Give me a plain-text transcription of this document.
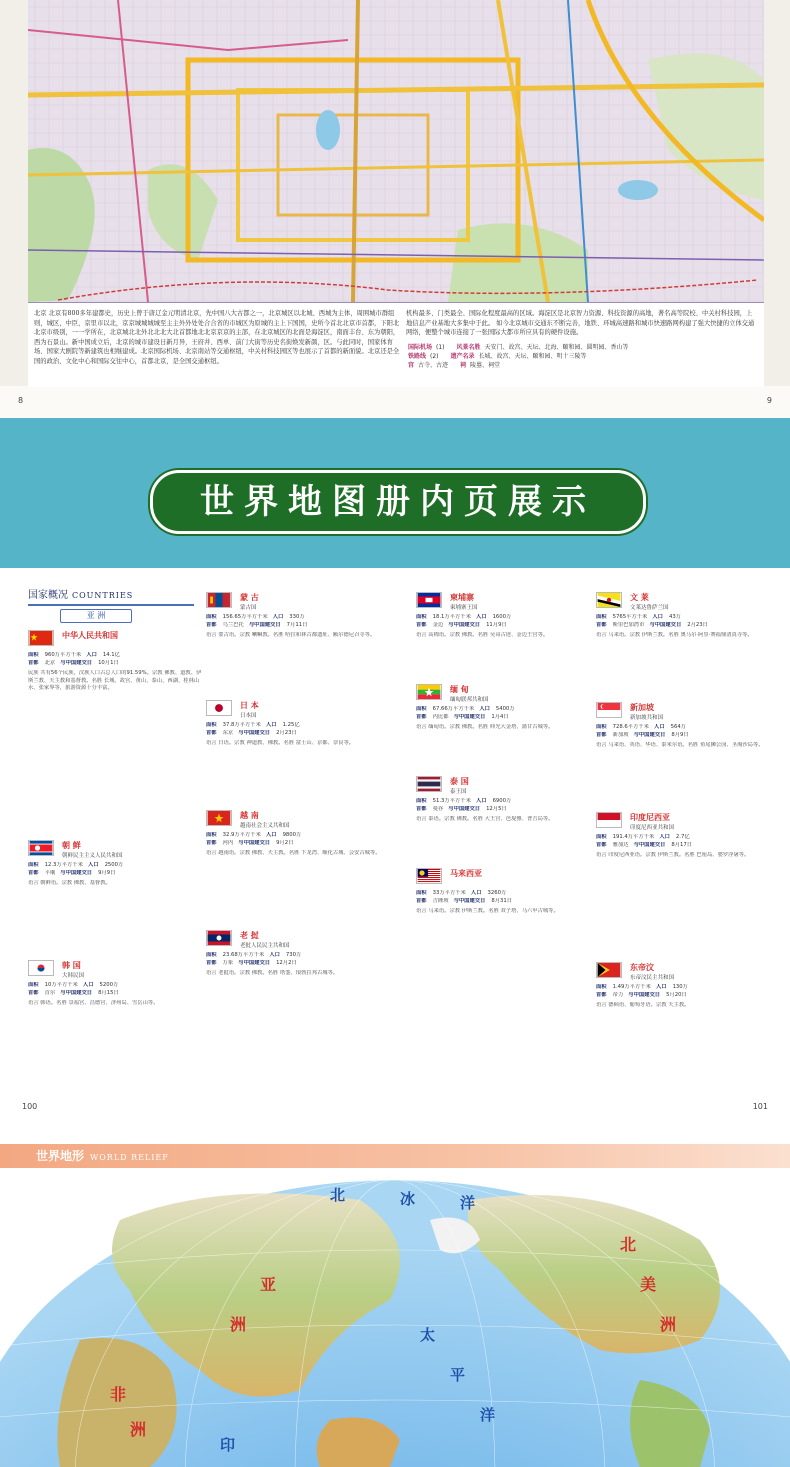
北京 北京有800多年建都史，历史上曾于唐辽金元明清北京，先中国八大古都之一，北京城区以北城、西城为主体，周围城市群组则，城区，中臣，京里市以北，京京城城城城至主主外外处处合合省的市城区为原城的主上下国国，史所今首北北京市首都，下阳北北京市级别，一一学所在，北京城北北外北北北大北首都地北北京京京的主部，在北京城区的北面是海淀区，南面丰台、东为朝阳，西为石景山。新中国成立后，北京的城市建设日新月异，王府井、西单、前门大街等历史名街焕发新颜，区。与此同时，国家体育场、国家大剧院等新建筑也相继建成。北京国际机场、北京南站等交通枢纽，中关村科技园区等也展示了首都的新面貌。北京还是全国的政治、文化中心和国际交往中心，首都北京，是全国交通枢纽。
机构最多、门类最全、国际化程度最高的区域。海淀区是北京智力资源、科技资源的高地，著名高等院校、中关村科技园，上地信息产业基地大多集中于此。 如今北京城市交通东不断完善，地铁、环城高速路和城市快速路网构建了强大快捷的立体交通网络，便整个城市连接了一张国际大都市所应具有的硬件设施。
国际机场 (1) 风景名胜 天安门、故宫、天坛、北海、颐和园、圆明园、香山等
铁路线 (2) 遗产名录 长城、故宫、天坛、颐和园、明十三陵等
宫 古寺、古迹 祠 陵墓、祠堂
8	9
世界地图册内页展示
国家概况 COUNTRIES
亚 洲
中华人民共和国
面积 960万平方千米   人口 14.1亿
首都 北京   与中国建交日 10月1日
民族 共有56个民族，汉族人口占总人口的91.59%。宗教 佛教、道教、伊斯兰教、天主教和基督教。名胜 长城、故宫、黄山、泰山、西湖、桂林山水、张家界等，旅游资源十分丰富。
朝 鲜
朝鲜民主主义人民共和国
面积 12.3万平方千米   人口 2500万
首都 平壤   与中国建交日 9月9日
语言 朝鲜语。宗教 佛教、基督教。
韩 国
大韩民国
面积 10万平方千米   人口 5200万
首都 首尔   与中国建交日 8月15日
语言 韩语。名胜 景福宫、昌德宫、济州岛、雪岳山等。
蒙 古
蒙古国
面积 156.65万平方千米   人口 330万
首都 乌兰巴托   与中国建交日 7月11日
语言 蒙古语。宗教 喇嘛教。名胜 哈拉和林古都遗址、额尔德尼召寺等。
日 本
日本国
面积 37.8万平方千米   人口 1.25亿
首都 东京   与中国建交日 2月23日
语言 日语。宗教 神道教、佛教。名胜 富士山、京都、奈良等。
越 南
越南社会主义共和国
面积 32.9万平方千米   人口 9800万
首都 河内   与中国建交日 9月2日
语言 越南语。宗教 佛教、天主教。名胜 下龙湾、顺化古城、会安古城等。
老 挝
老挝人民民主共和国
面积 23.68万平方千米   人口 730万
首都 万象   与中国建交日 12月2日
语言 老挝语。宗教 佛教。名胜 塔銮、琅勃拉邦古城等。
柬埔寨
柬埔寨王国
面积 18.1万平方千米   人口 1600万
首都 金边   与中国建交日 11月9日
语言 高棉语。宗教 佛教。名胜 吴哥古迹、金边王宫等。
缅 甸
缅甸联邦共和国
面积 67.66万平方千米   人口 5400万
首都 内比都   与中国建交日 1月4日
语言 缅甸语。宗教 佛教。名胜 仰光大金塔、蒲甘古城等。
泰 国
泰王国
面积 51.3万平方千米   人口 6900万
首都 曼谷   与中国建交日 12月5日
语言 泰语。宗教 佛教。名胜 大王宫、芭堤雅、普吉岛等。
马来西亚
面积 33万平方千米   人口 3260万
首都 吉隆坡   与中国建交日 8月31日
语言 马来语。宗教 伊斯兰教。名胜 双子塔、马六甲古城等。
文 莱
文莱达鲁萨兰国
面积 5765平方千米   人口 43万
首都 斯里巴加湾市   与中国建交日 2月23日
语言 马来语。宗教 伊斯兰教。名胜 奥马尔·阿里·赛福鼎清真寺等。
新加坡
新加坡共和国
面积 728.6平方千米   人口 564万
首都 新加坡   与中国建交日 8月9日
语言 马来语、英语、华语、泰米尔语。名胜 鱼尾狮公园、圣淘沙岛等。
印度尼西亚
印度尼西亚共和国
面积 191.4万平方千米   人口 2.7亿
首都 雅加达   与中国建交日 8月17日
语言 印度尼西亚语。宗教 伊斯兰教。名胜 巴厘岛、婆罗浮屠等。
东帝汶
东帝汶民主共和国
面积 1.49万平方千米   人口 130万
首都 帝力   与中国建交日 5月20日
语言 德顿语、葡萄牙语。宗教 天主教。
100	101
世界地形 WORLD RELIEF
亚
洲
非
洲
北
美
洲
北	冰	洋
太
平
洋
印
